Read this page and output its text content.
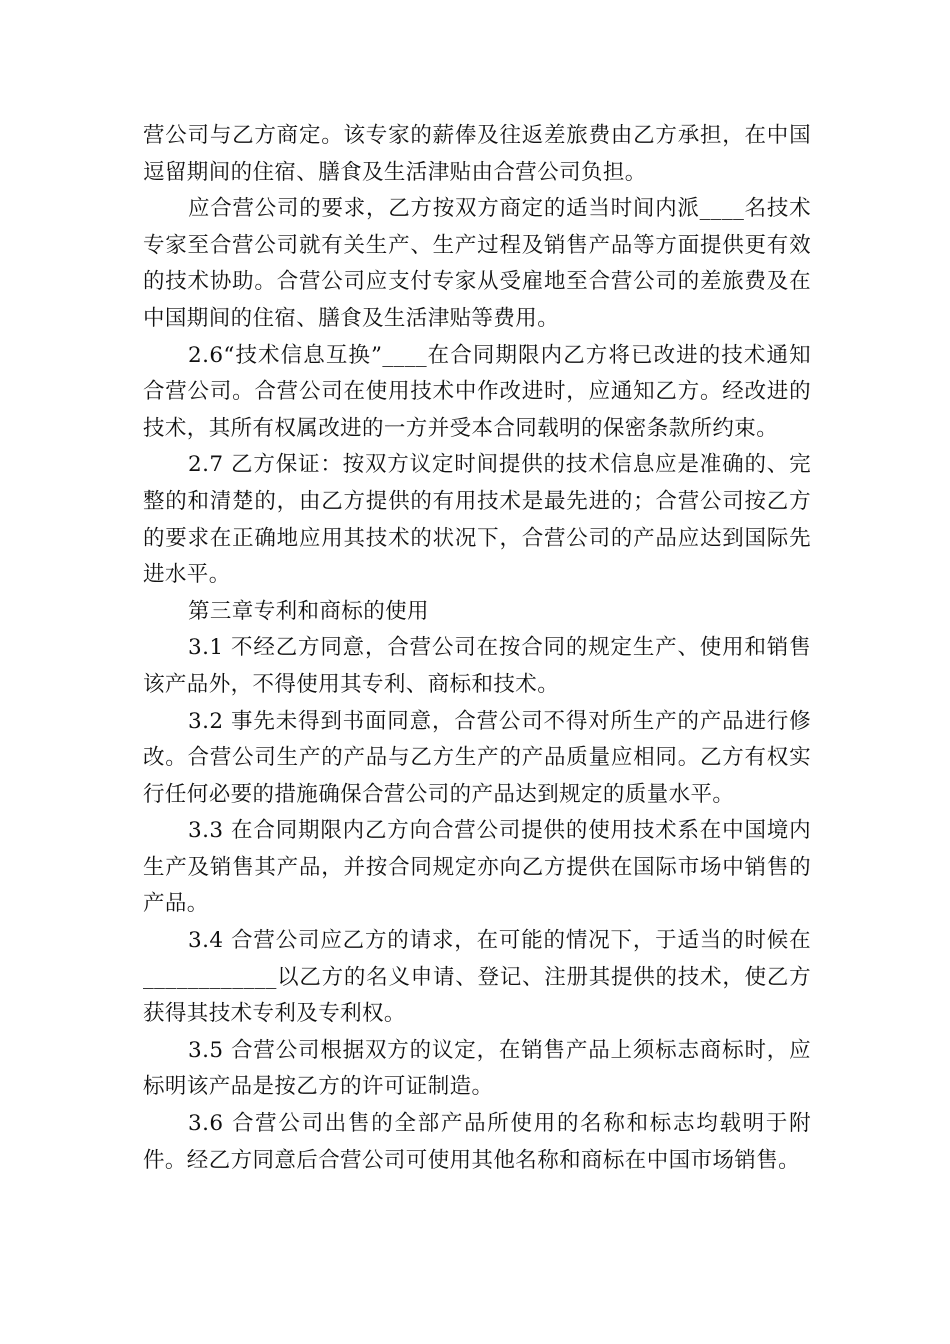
营公司与乙方商定。该专家的薪俸及往返差旅费由乙方承担，在中国逗留期间的住宿、膳食及生活津贴由合营公司负担。

应合营公司的要求，乙方按双方商定的适当时间内派____名技术专家至合营公司就有关生产、生产过程及销售产品等方面提供更有效的技术协助。合营公司应支付专家从受雇地至合营公司的差旅费及在中国期间的住宿、膳食及生活津贴等费用。

2.6“技术信息互换”____在合同期限内乙方将已改进的技术通知合营公司。合营公司在使用技术中作改进时，应通知乙方。经改进的技术，其所有权属改进的一方并受本合同载明的保密条款所约束。

2.7 乙方保证：按双方议定时间提供的技术信息应是准确的、完整的和清楚的，由乙方提供的有用技术是最先进的；合营公司按乙方的要求在正确地应用其技术的状况下，合营公司的产品应达到国际先进水平。

第三章专利和商标的使用

3.1 不经乙方同意，合营公司在按合同的规定生产、使用和销售该产品外，不得使用其专利、商标和技术。

3.2 事先未得到书面同意，合营公司不得对所生产的产品进行修改。合营公司生产的产品与乙方生产的产品质量应相同。乙方有权实行任何必要的措施确保合营公司的产品达到规定的质量水平。

3.3 在合同期限内乙方向合营公司提供的使用技术系在中国境内生产及销售其产品，并按合同规定亦向乙方提供在国际市场中销售的产品。

3.4 合营公司应乙方的请求，在可能的情况下，于适当的时候在____________以乙方的名义申请、登记、注册其提供的技术，使乙方获得其技术专利及专利权。

3.5 合营公司根据双方的议定，在销售产品上须标志商标时，应标明该产品是按乙方的许可证制造。

3.6 合营公司出售的全部产品所使用的名称和标志均载明于附件。经乙方同意后合营公司可使用其他名称和商标在中国市场销售。
